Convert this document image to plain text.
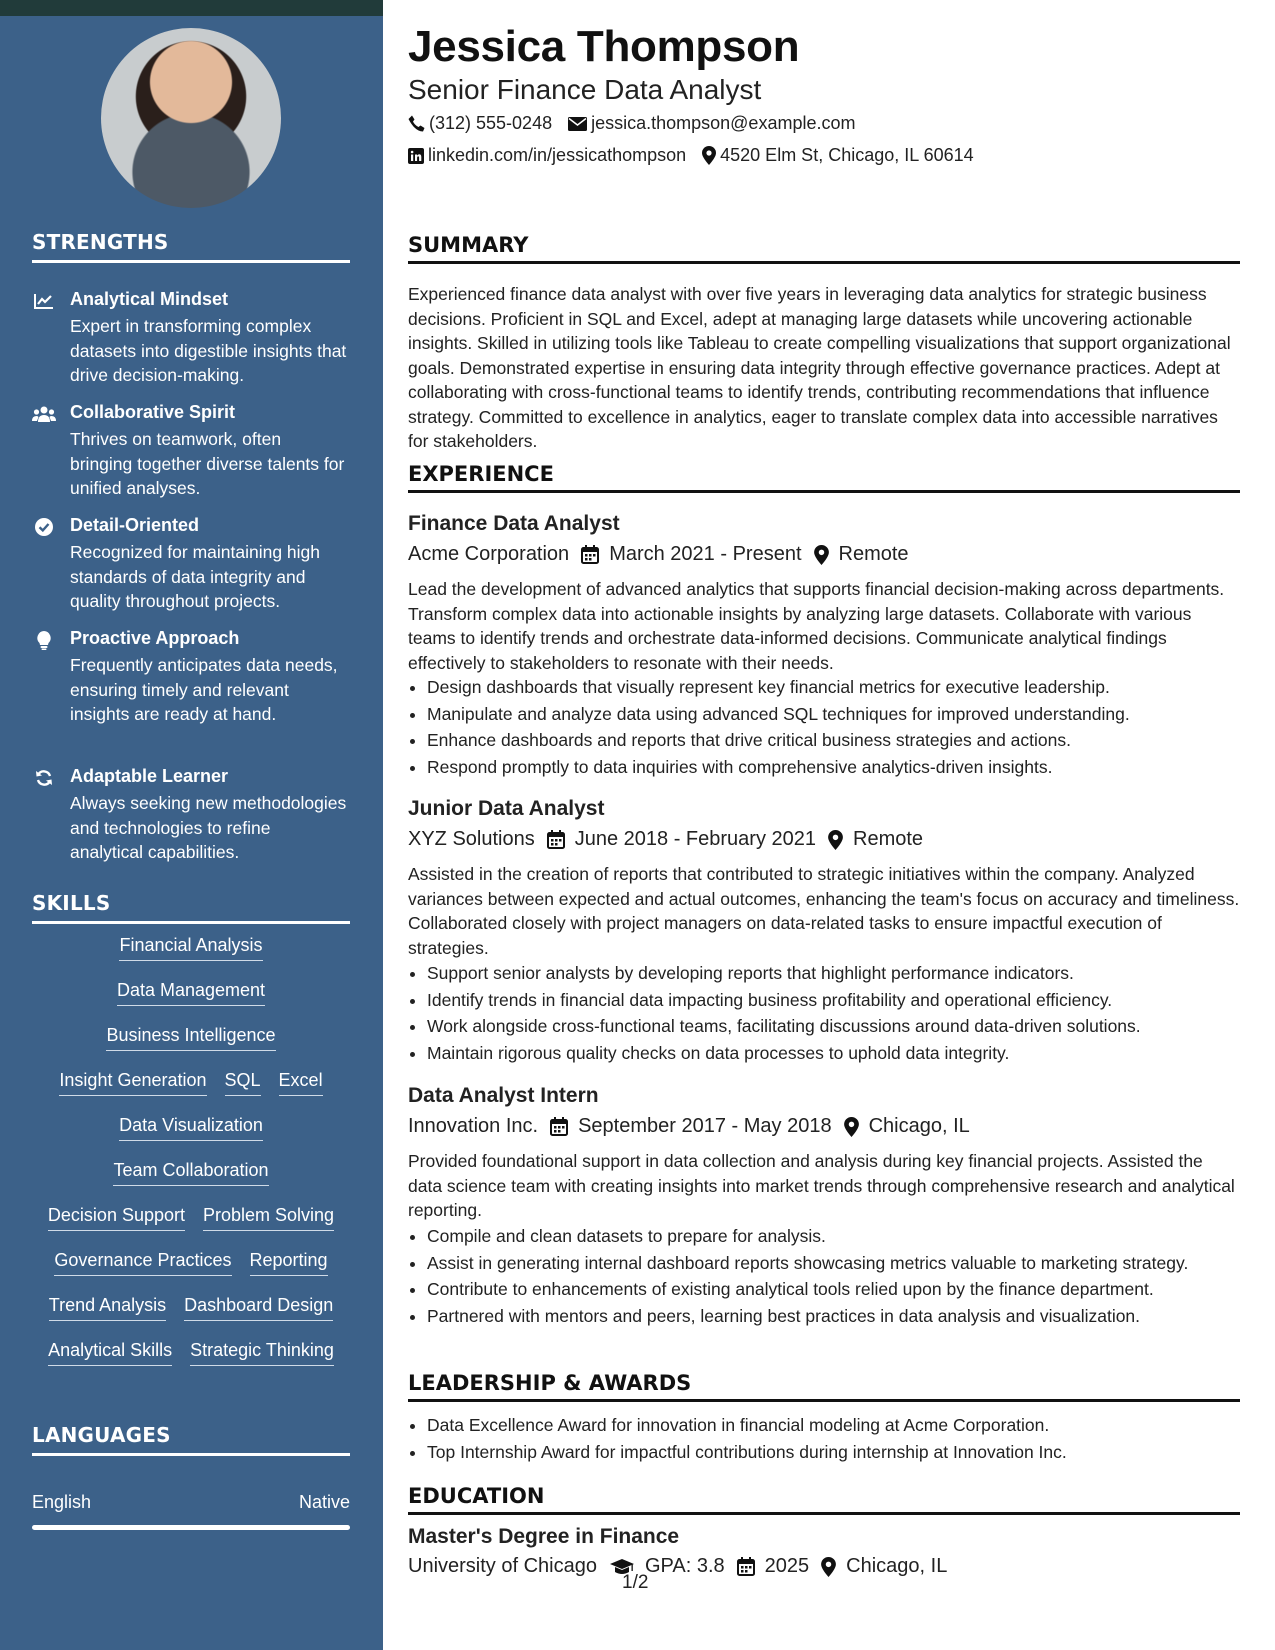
STRENGTHS
Analytical Mindset
Expert in transforming complex datasets into digestible insights that drive decision-making.
Collaborative Spirit
Thrives on teamwork, often bringing together diverse talents for unified analyses.
Detail-Oriented
Recognized for maintaining high standards of data integrity and quality throughout projects.
Proactive Approach
Frequently anticipates data needs, ensuring timely and relevant insights are ready at hand.
Adaptable Learner
Always seeking new methodologies and technologies to refine analytical capabilities.
SKILLS
Financial Analysis
Data Management
Business Intelligence
Insight Generation SQL Excel
Data Visualization
Team Collaboration
Decision Support Problem Solving
Governance Practices Reporting
Trend Analysis Dashboard Design
Analytical Skills Strategic Thinking
LANGUAGES
English	Native
Jessica Thompson
Senior Finance Data Analyst
(312) 555-0248 jessica.thompson@example.com
linkedin.com/in/jessicathompson 4520 Elm St, Chicago, IL 60614
SUMMARY
Experienced finance data analyst with over five years in leveraging data analytics for strategic business decisions. Proficient in SQL and Excel, adept at managing large datasets while uncovering actionable insights. Skilled in utilizing tools like Tableau to create compelling visualizations that support organizational goals. Demonstrated expertise in ensuring data integrity through effective governance practices. Adept at collaborating with cross-functional teams to identify trends, contributing recommendations that influence strategy. Committed to excellence in analytics, eager to translate complex data into accessible narratives for stakeholders.
EXPERIENCE
Finance Data Analyst
Acme Corporation March 2021 - Present Remote
Lead the development of advanced analytics that supports financial decision-making across departments. Transform complex data into actionable insights by analyzing large datasets. Collaborate with various teams to identify trends and orchestrate data-informed decisions. Communicate analytical findings effectively to stakeholders to resonate with their needs.
• Design dashboards that visually represent key financial metrics for executive leadership.
• Manipulate and analyze data using advanced SQL techniques for improved understanding.
• Enhance dashboards and reports that drive critical business strategies and actions.
• Respond promptly to data inquiries with comprehensive analytics-driven insights.
Junior Data Analyst
XYZ Solutions June 2018 - February 2021 Remote
Assisted in the creation of reports that contributed to strategic initiatives within the company. Analyzed variances between expected and actual outcomes, enhancing the team's focus on accuracy and timeliness. Collaborated closely with project managers on data-related tasks to ensure impactful execution of strategies.
• Support senior analysts by developing reports that highlight performance indicators.
• Identify trends in financial data impacting business profitability and operational efficiency.
• Work alongside cross-functional teams, facilitating discussions around data-driven solutions.
• Maintain rigorous quality checks on data processes to uphold data integrity.
Data Analyst Intern
Innovation Inc. September 2017 - May 2018 Chicago, IL
Provided foundational support in data collection and analysis during key financial projects. Assisted the data science team with creating insights into market trends through comprehensive research and analytical reporting.
• Compile and clean datasets to prepare for analysis.
• Assist in generating internal dashboard reports showcasing metrics valuable to marketing strategy.
• Contribute to enhancements of existing analytical tools relied upon by the finance department.
• Partnered with mentors and peers, learning best practices in data analysis and visualization.
LEADERSHIP & AWARDS
• Data Excellence Award for innovation in financial modeling at Acme Corporation.
• Top Internship Award for impactful contributions during internship at Innovation Inc.
EDUCATION
Master's Degree in Finance
University of Chicago GPA: 3.8 2025 Chicago, IL
1/2
